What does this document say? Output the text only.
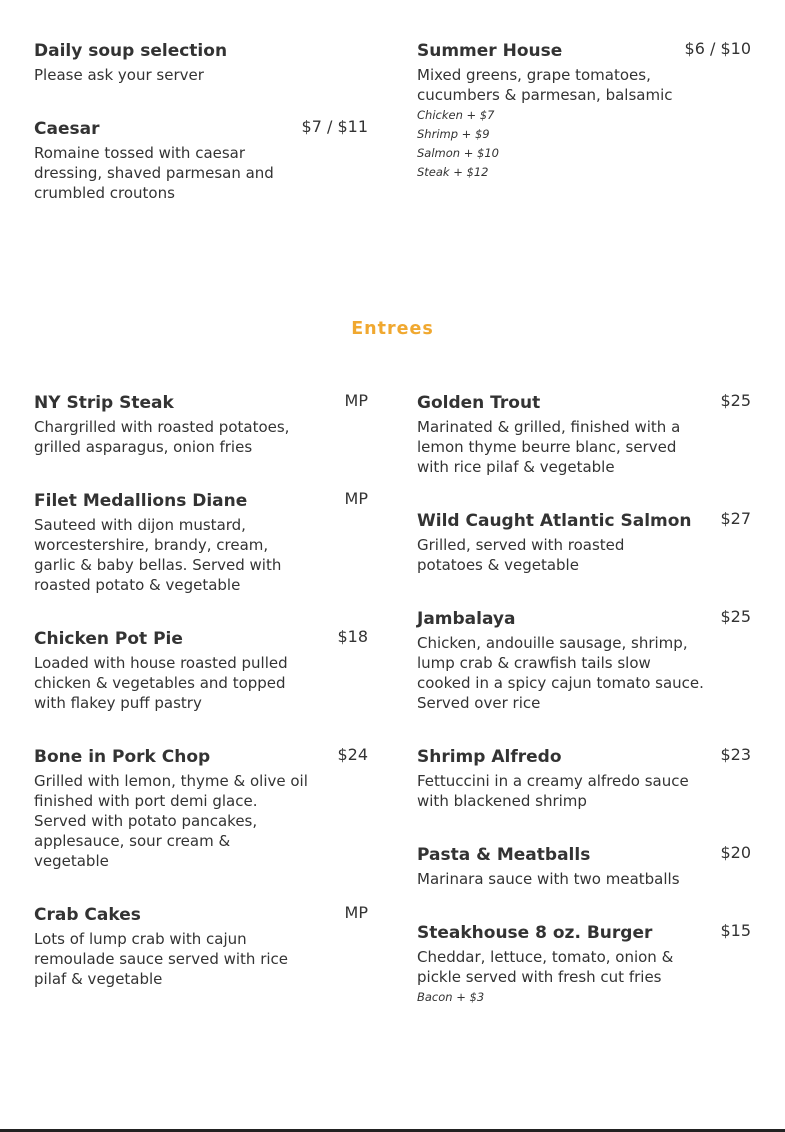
Daily soup selection
Please ask your server
Caesar	$7 / $11
Romaine tossed with caesar dressing, shaved parmesan and crumbled croutons
Summer House	$6 / $10
Mixed greens, grape tomatoes, cucumbers & parmesan, balsamic
Chicken + $7
Shrimp + $9
Salmon + $10
Steak + $12
Entrees
NY Strip Steak	MP
Chargrilled with roasted potatoes, grilled asparagus, onion fries
Filet Medallions Diane	MP
Sauteed with dijon mustard, worcestershire, brandy, cream, garlic & baby bellas. Served with roasted potato & vegetable
Chicken Pot Pie	$18
Loaded with house roasted pulled chicken & vegetables and topped with flakey puff pastry
Bone in Pork Chop	$24
Grilled with lemon, thyme & olive oil finished with port demi glace. Served with potato pancakes, applesauce, sour cream & vegetable
Crab Cakes	MP
Lots of lump crab with cajun remoulade sauce served with rice pilaf & vegetable
Golden Trout	$25
Marinated & grilled, finished with a lemon thyme beurre blanc, served with rice pilaf & vegetable
Wild Caught Atlantic Salmon $27
Grilled, served with roasted potatoes & vegetable
Jambalaya	$25
Chicken, andouille sausage, shrimp, lump crab & crawfish tails slow cooked in a spicy cajun tomato sauce. Served over rice
Shrimp Alfredo	$23
Fettuccini in a creamy alfredo sauce with blackened shrimp
Pasta & Meatballs	$20
Marinara sauce with two meatballs
Steakhouse 8 oz. Burger	$15
Cheddar, lettuce, tomato, onion & pickle served with fresh cut fries
Bacon + $3
